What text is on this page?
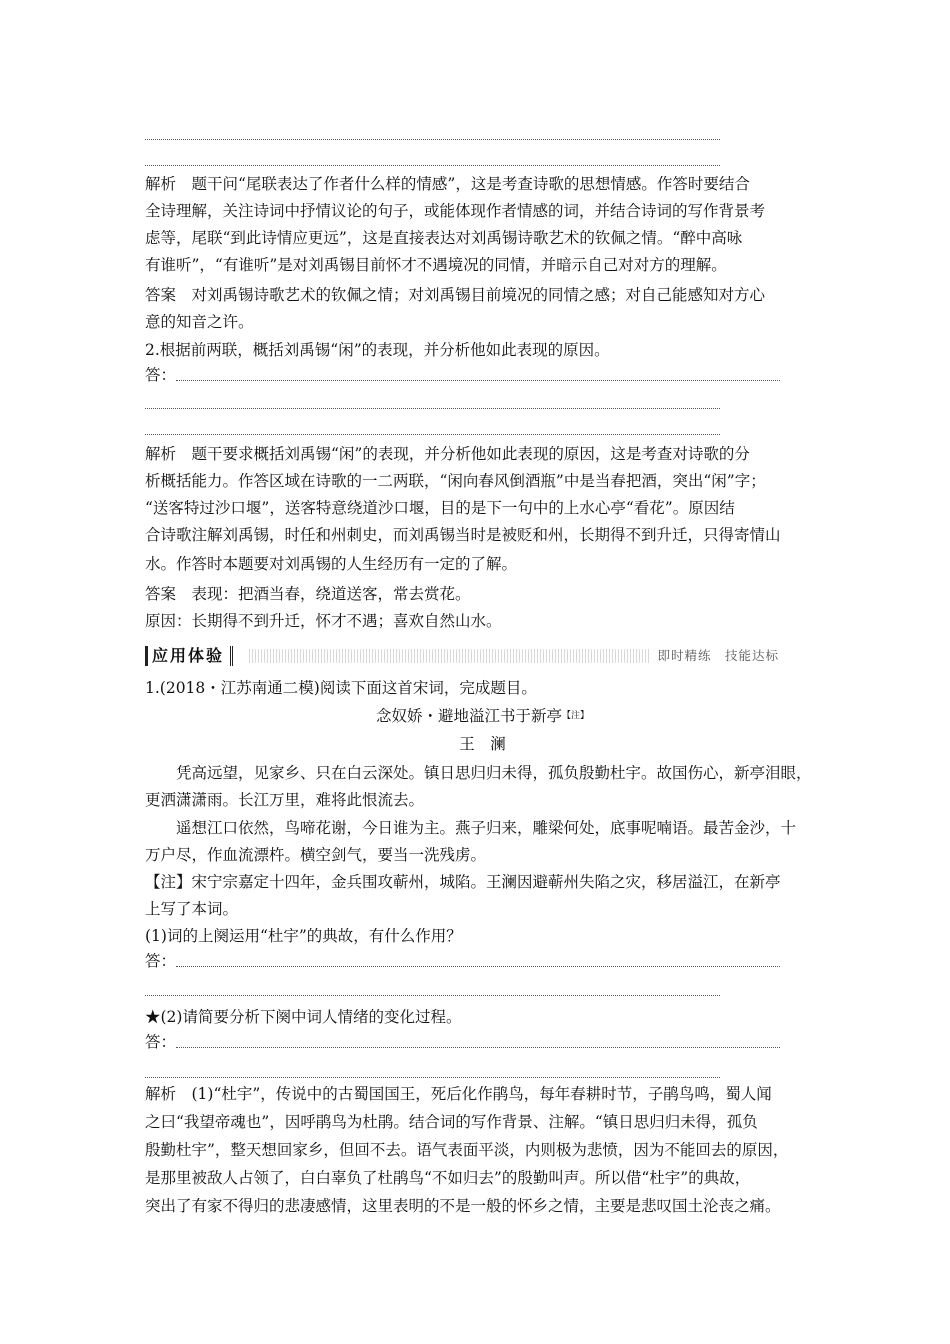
解析　题干问“尾联表达了作者什么样的情感”，这是考查诗歌的思想情感。作答时要结合
全诗理解，关注诗词中抒情议论的句子，或能体现作者情感的词，并结合诗词的写作背景考
虑等，尾联“到此诗情应更远”，这是直接表达对刘禹锡诗歌艺术的钦佩之情。“醉中高咏
有谁听”，“有谁听”是对刘禹锡目前怀才不遇境况的同情，并暗示自己对对方的理解。
答案　对刘禹锡诗歌艺术的钦佩之情；对刘禹锡目前境况的同情之感；对自己能感知对方心
意的知音之许。
2.根据前两联，概括刘禹锡“闲”的表现，并分析他如此表现的原因。
答：
解析　题干要求概括刘禹锡“闲”的表现，并分析他如此表现的原因，这是考查对诗歌的分
析概括能力。作答区域在诗歌的一二两联，“闲向春风倒酒瓶”中是当春把酒，突出“闲”字；
“送客特过沙口堰”，送客特意绕道沙口堰，目的是下一句中的上水心亭“看花”。原因结
合诗歌注解刘禹锡，时任和州刺史，而刘禹锡当时是被贬和州，长期得不到升迁，只得寄情山
水。作答时本题要对刘禹锡的人生经历有一定的了解。
答案　表现：把酒当春，绕道送客，常去赏花。
原因：长期得不到升迁，怀才不遇；喜欢自然山水。
应用体验	即时精练　技能达标
1.(2018・江苏南通二模)阅读下面这首宋词，完成题目。
念奴娇・避地溢江书于新亭$^{【注】}$
王　澜
　　凭高远望，见家乡、只在白云深处。镇日思归归未得，孤负殷勤杜宇。故国伤心，新亭泪眼，
更洒潇潇雨。长江万里，难将此恨流去。
　　遥想江口依然，鸟啼花谢，今日谁为主。燕子归来，雕梁何处，底事呢喃语。最苦金沙，十
万户尽，作血流漂杵。横空剑气，要当一洗残虏。
【注】宋宁宗嘉定十四年，金兵围攻蕲州，城陷。王澜因避蕲州失陷之灾，移居溢江，在新亭
上写了本词。
(1)词的上阕运用“杜宇”的典故，有什么作用？
答：
★(2)请简要分析下阕中词人情绪的变化过程。
答：
解析　(1)“杜宇”，传说中的古蜀国国王，死后化作鹃鸟，每年春耕时节，子鹃鸟鸣，蜀人闻
之曰“我望帝魂也”，因呼鹃鸟为杜鹃。结合词的写作背景、注解。“镇日思归归未得，孤负
殷勤杜宇”，整天想回家乡，但回不去。语气表面平淡，内则极为悲愤，因为不能回去的原因，
是那里被敌人占领了，白白辜负了杜鹃鸟“不如归去”的殷勤叫声。所以借“杜宇”的典故，
突出了有家不得归的悲凄感情，这里表明的不是一般的怀乡之情，主要是悲叹国土沦丧之痛。
